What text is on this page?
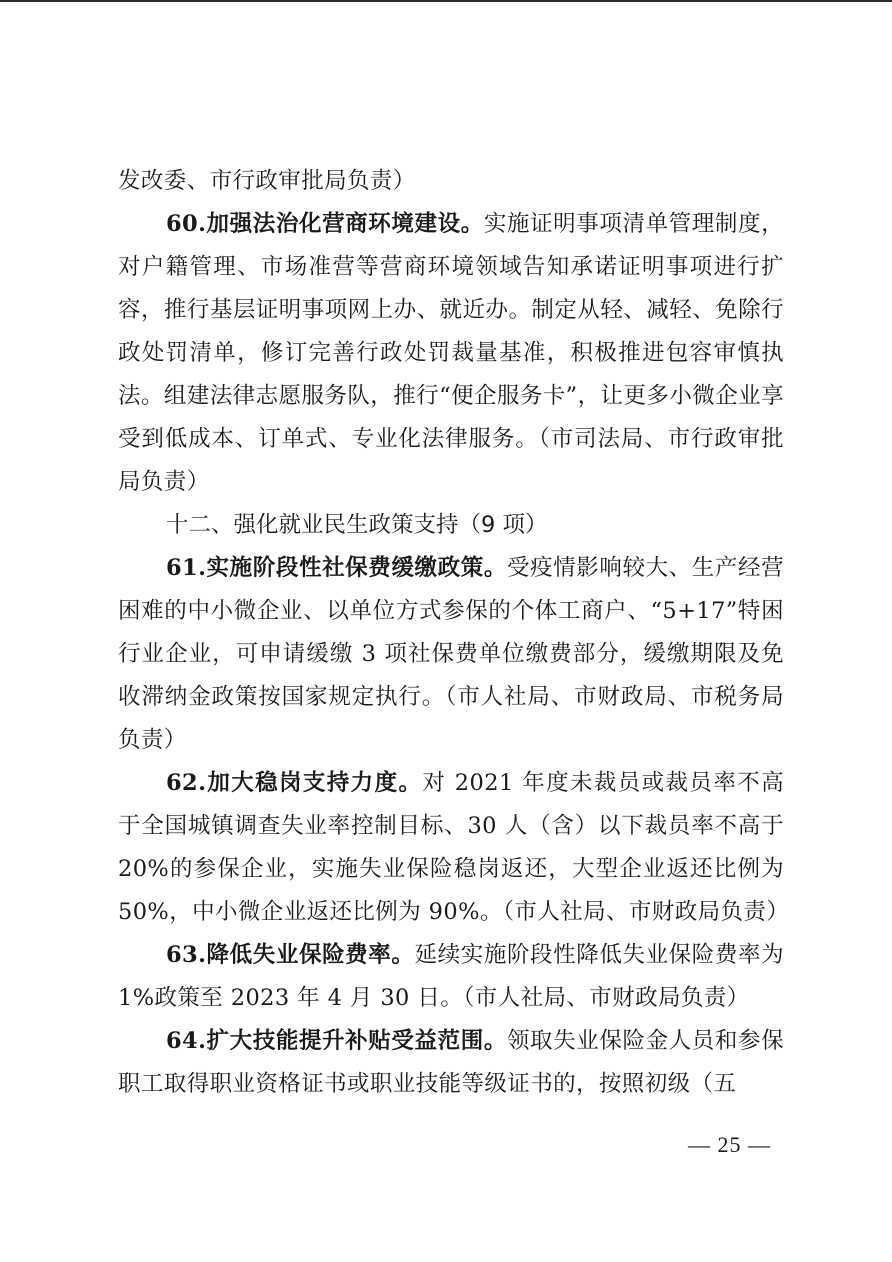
发改委、市行政审批局负责）

60.加强法治化营商环境建设。实施证明事项清单管理制度，对户籍管理、市场准营等营商环境领域告知承诺证明事项进行扩容，推行基层证明事项网上办、就近办。制定从轻、减轻、免除行政处罚清单，修订完善行政处罚裁量基准，积极推进包容审慎执法。组建法律志愿服务队，推行“便企服务卡”，让更多小微企业享受到低成本、订单式、专业化法律服务。（市司法局、市行政审批局负责）

十二、强化就业民生政策支持（9 项）

61.实施阶段性社保费缓缴政策。受疫情影响较大、生产经营困难的中小微企业、以单位方式参保的个体工商户、“5+17”特困行业企业，可申请缓缴 3 项社保费单位缴费部分，缓缴期限及免收滞纳金政策按国家规定执行。（市人社局、市财政局、市税务局负责）

62.加大稳岗支持力度。对 2021 年度未裁员或裁员率不高于全国城镇调查失业率控制目标、30 人（含）以下裁员率不高于 20%的参保企业，实施失业保险稳岗返还，大型企业返还比例为 50%，中小微企业返还比例为 90%。（市人社局、市财政局负责）

63.降低失业保险费率。延续实施阶段性降低失业保险费率为 1%政策至 2023 年 4 月 30 日。（市人社局、市财政局负责）

64.扩大技能提升补贴受益范围。领取失业保险金人员和参保职工取得职业资格证书或职业技能等级证书的，按照初级（五

— 25 —
